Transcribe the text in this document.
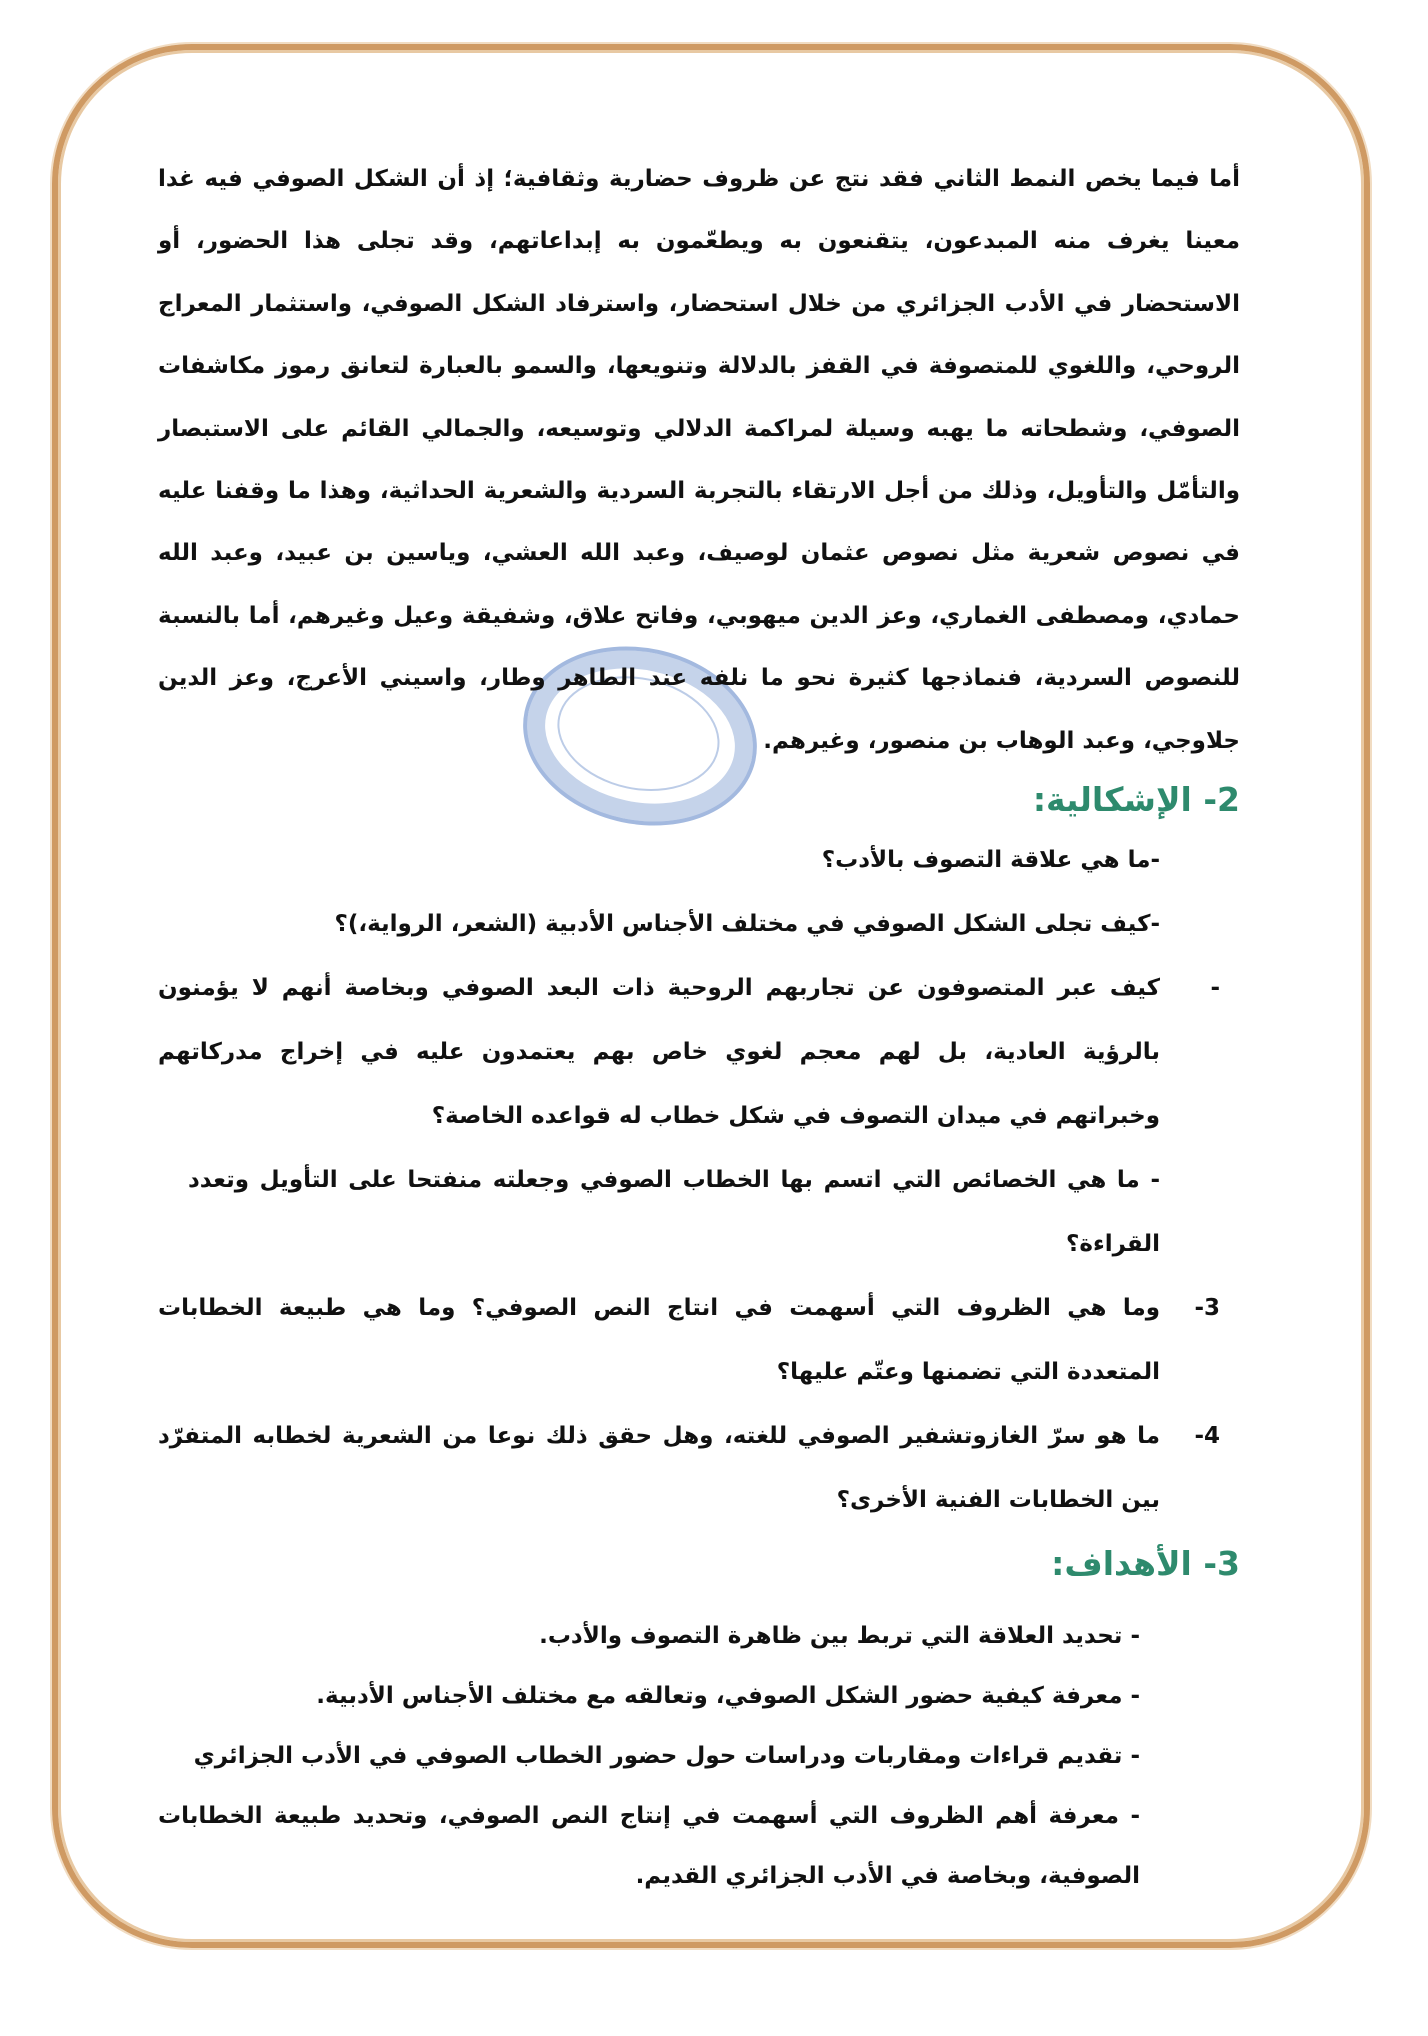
أما فيما يخص النمط الثاني فقد نتج عن ظروف حضارية وثقافية؛ إذ أن الشكل الصوفي فيه غدا معينا يغرف منه المبدعون، يتقنعون به ويطعّمون به إبداعاتهم، وقد تجلى هذا الحضور، أو الاستحضار في الأدب الجزائري من خلال استحضار، واسترفاد الشكل الصوفي، واستثمار المعراج الروحي، واللغوي للمتصوفة في القفز بالدلالة وتنويعها، والسمو بالعبارة لتعانق رموز مكاشفات الصوفي، وشطحاته ما يهبه وسيلة لمراكمة الدلالي وتوسيعه، والجمالي القائم على الاستبصار والتأمّل والتأويل، وذلك من أجل الارتقاء بالتجربة السردية والشعرية الحداثية، وهذا ما وقفنا عليه في نصوص شعرية مثل نصوص عثمان لوصيف، وعبد الله العشي، وياسين بن عبيد، وعبد الله حمادي، ومصطفى الغماري، وعز الدين ميهوبي، وفاتح علاق، وشفيقة وعيل وغيرهم، أما بالنسبة للنصوص السردية، فنماذجها كثيرة نحو ما نلفه عند الطاهر وطار، واسيني الأعرج، وعز الدين جلاوجي، وعبد الوهاب بن منصور، وغيرهم.

2- الإشكالية:

-ما هي علاقة التصوف بالأدب؟

-كيف تجلى الشكل الصوفي في مختلف الأجناس الأدبية (الشعر، الرواية،)؟

-
كيف عبر المتصوفون عن تجاربهم الروحية ذات البعد الصوفي وبخاصة أنهم لا يؤمنون بالرؤية العادية، بل لهم معجم لغوي خاص بهم يعتمدون عليه في إخراج مدركاتهم وخبراتهم في ميدان التصوف في شكل خطاب له قواعده الخاصة؟

- ما هي الخصائص التي اتسم بها الخطاب الصوفي وجعلته منفتحا على التأويل وتعدد القراءة؟

3-
وما هي الظروف التي أسهمت في انتاج النص الصوفي؟ وما هي طبيعة الخطابات المتعددة التي تضمنها وعتّم عليها؟

4-
ما هو سرّ الغازوتشفير الصوفي للغته، وهل حقق ذلك نوعا من الشعرية لخطابه المتفرّد بين الخطابات الفنية الأخرى؟

3- الأهداف:

- تحديد العلاقة التي تربط بين ظاهرة التصوف والأدب.

- معرفة كيفية حضور الشكل الصوفي، وتعالقه مع مختلف الأجناس الأدبية.

- تقديم قراءات ومقاربات ودراسات حول حضور الخطاب الصوفي في الأدب الجزائري

- معرفة أهم الظروف التي أسهمت في إنتاج النص الصوفي، وتحديد طبيعة الخطابات الصوفية، وبخاصة في الأدب الجزائري القديم.
